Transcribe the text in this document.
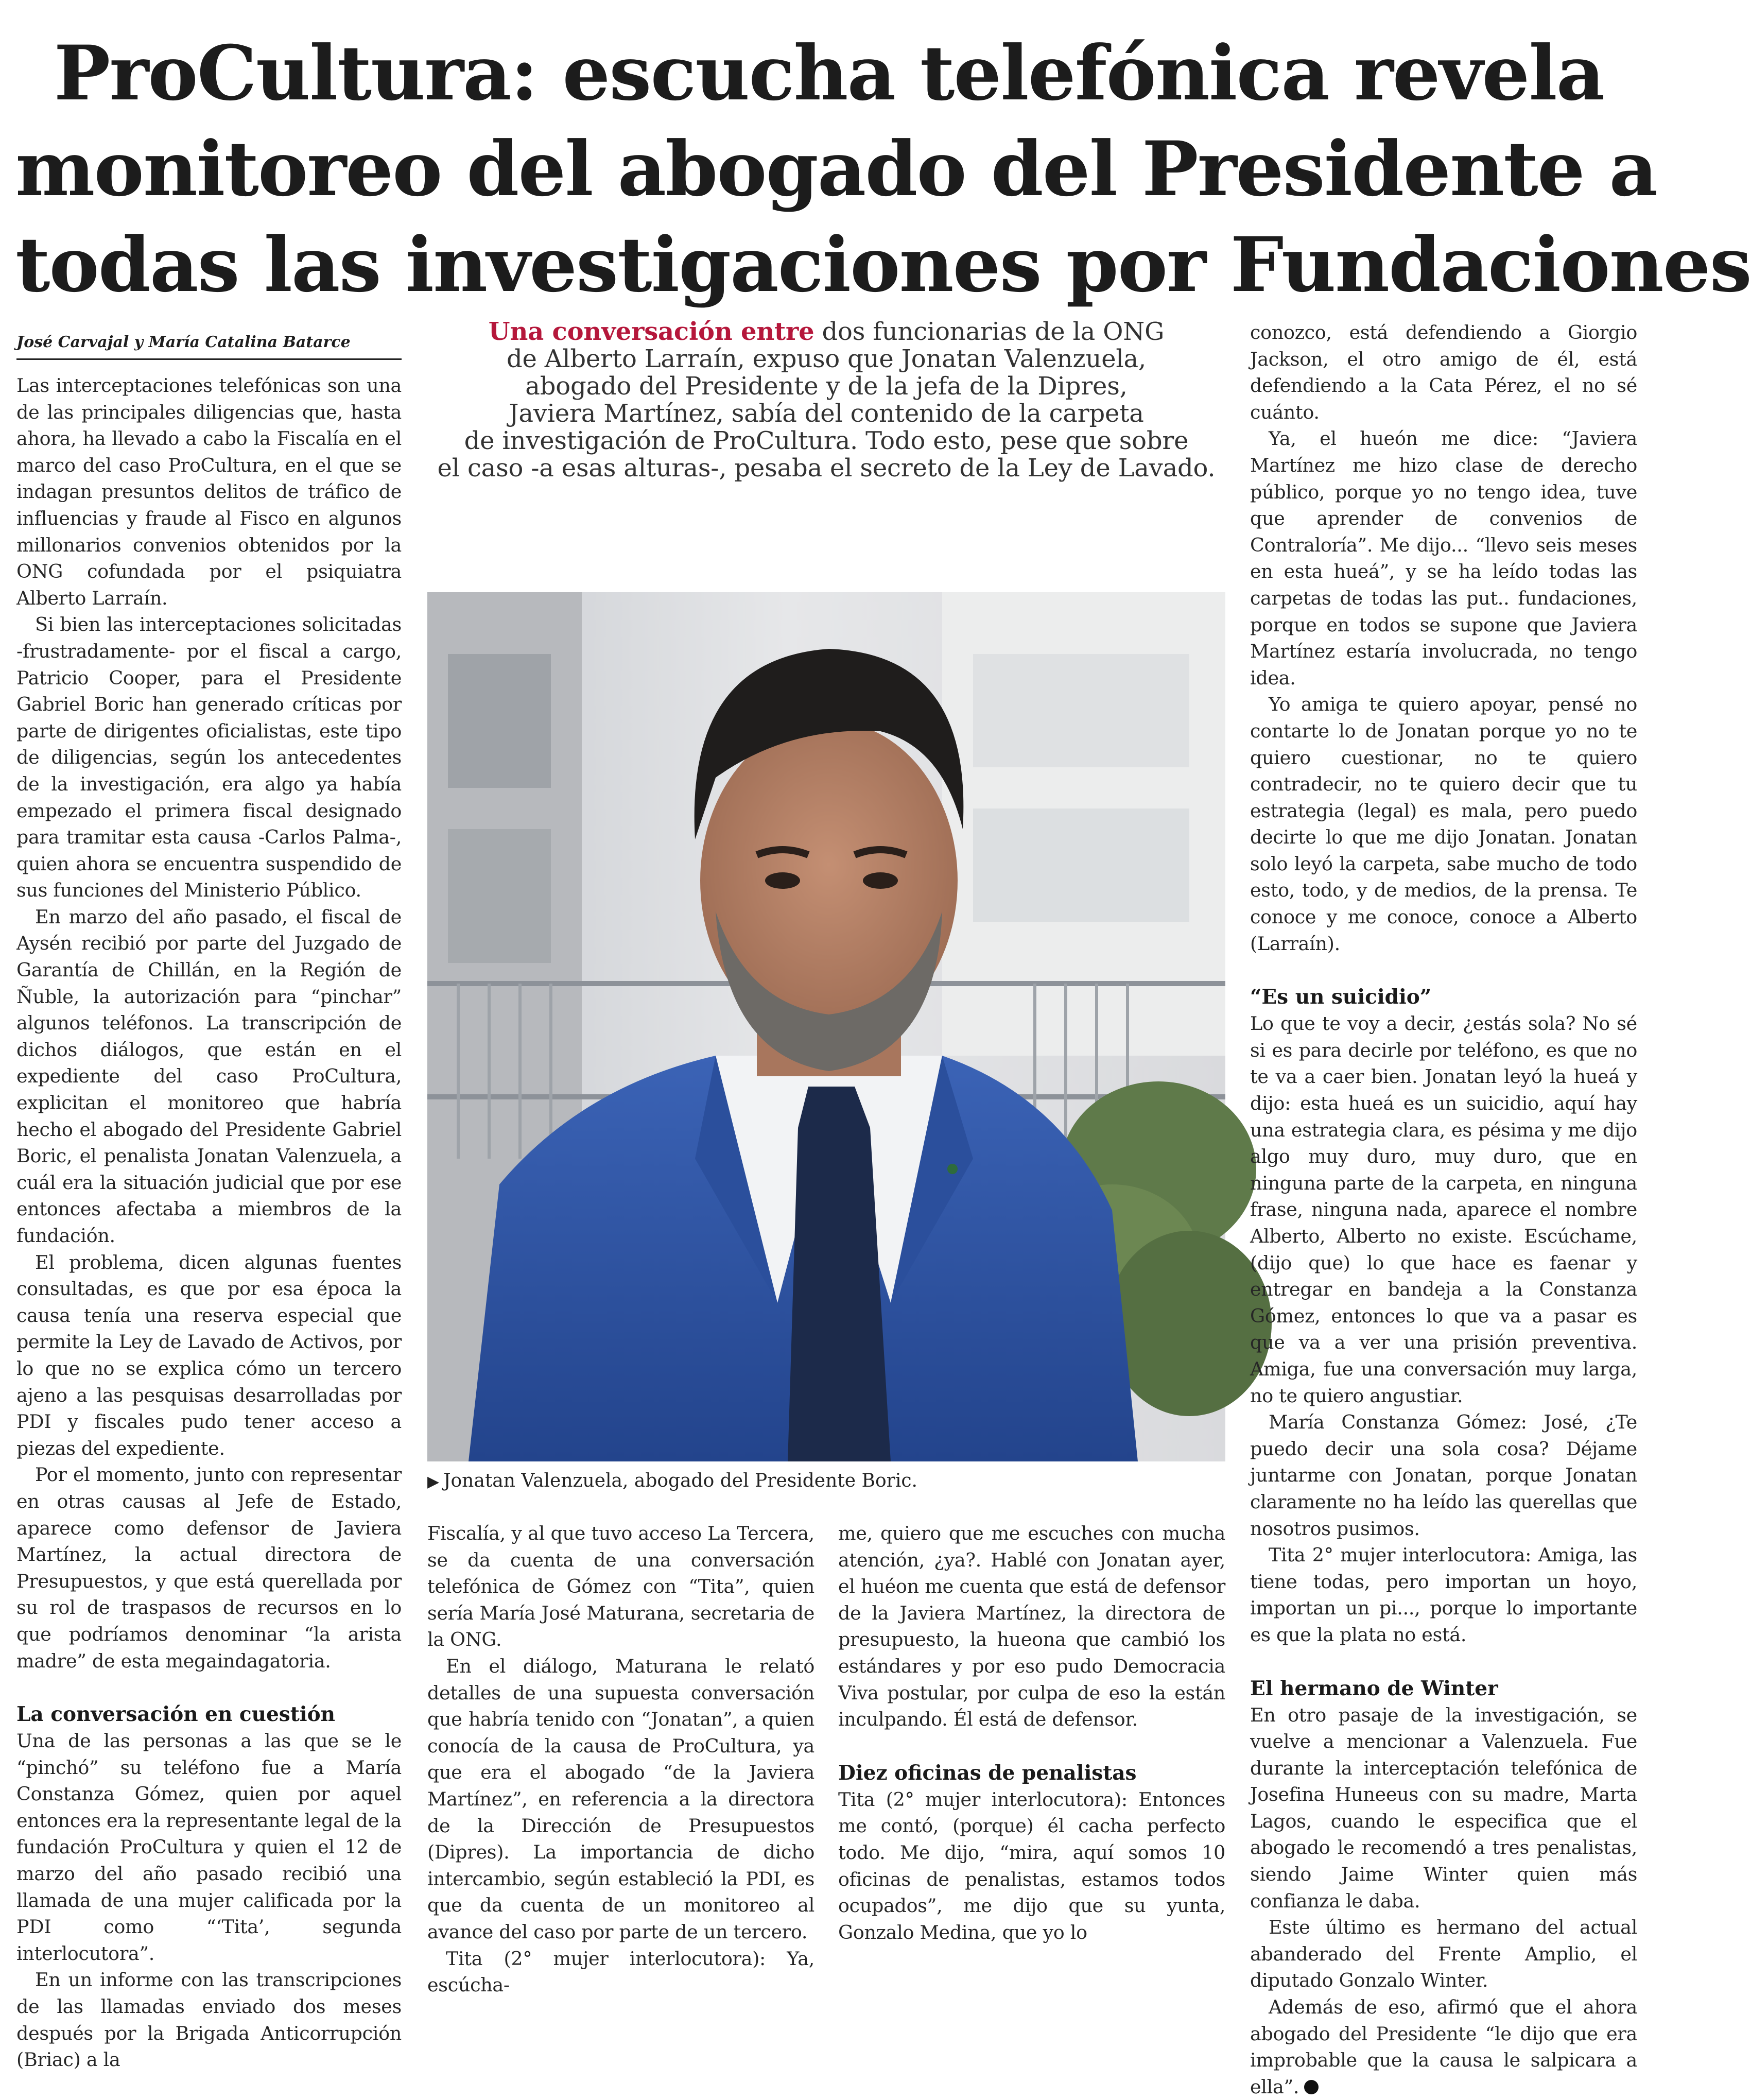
ProCultura: escucha telefónica revela
monitoreo del abogado del Presidente a
todas las investigaciones por Fundaciones
José Carvajal y María Catalina Batarce

Las interceptaciones telefónicas son una de las principales diligencias que, hasta ahora, ha llevado a cabo la Fiscalía en el marco del caso ProCultura, en el que se indagan presuntos delitos de tráfico de influencias y fraude al Fisco en algunos millonarios convenios obtenidos por la ONG cofundada por el psiquiatra Alberto Larraín.

Si bien las interceptaciones solicitadas -frustradamente- por el fiscal a cargo, Patricio Cooper, para el Presidente Gabriel Boric han generado críticas por parte de dirigentes oficialistas, este tipo de diligencias, según los antecedentes de la investigación, era algo ya había empezado el primera fiscal designado para tramitar esta causa -Carlos Palma-, quien ahora se encuentra suspendido de sus funciones del Ministerio Público.

En marzo del año pasado, el fiscal de Aysén recibió por parte del Juzgado de Garantía de Chillán, en la Región de Ñuble, la autorización para “pinchar” algunos teléfonos. La transcripción de dichos diálogos, que están en el expediente del caso ProCultura, explicitan el monitoreo que habría hecho el abogado del Presidente Gabriel Boric, el penalista Jonatan Valenzuela, a cuál era la situación judicial que por ese entonces afectaba a miembros de la fundación.

El problema, dicen algunas fuentes consultadas, es que por esa época la causa tenía una reserva especial que permite la Ley de Lavado de Activos, por lo que no se explica cómo un tercero ajeno a las pesquisas desarrolladas por PDI y fiscales pudo tener acceso a piezas del expediente.

Por el momento, junto con representar en otras causas al Jefe de Estado, aparece como defensor de Javiera Martínez, la actual directora de Presupuestos, y que está querellada por su rol de traspasos de recursos en lo que podríamos denominar “la arista madre” de esta megaindagatoria.

La conversación en cuestión

Una de las personas a las que se le “pinchó” su teléfono fue a María Constanza Gómez, quien por aquel entonces era la representante legal de la fundación ProCultura y quien el 12 de marzo del año pasado recibió una llamada de una mujer calificada por la PDI como “‘Tita’, segunda interlocutora”.

En un informe con las transcripciones de las llamadas enviado dos meses después por la Brigada Anticorrupción (Briac) a la

Una conversación entre dos funcionarias de la ONG
de Alberto Larraín, expuso que Jonatan Valenzuela,
abogado del Presidente y de la jefa de la Dipres,
Javiera Martínez, sabía del contenido de la carpeta
de investigación de ProCultura. Todo esto, pese que sobre
el caso -a esas alturas-, pesaba el secreto de la Ley de Lavado.
▶ Jonatan Valenzuela, abogado del Presidente Boric.

Fiscalía, y al que tuvo acceso La Tercera, se da cuenta de una conversación telefónica de Gómez con “Tita”, quien sería María José Maturana, secretaria de la ONG.

En el diálogo, Maturana le relató detalles de una supuesta conversación que habría tenido con “Jonatan”, a quien conocía de la causa de ProCultura, ya que era el abogado “de la Javiera Martínez”, en referencia a la directora de la Dirección de Presupuestos (Dipres). La importancia de dicho intercambio, según estableció la PDI, es que da cuenta de un monitoreo al avance del caso por parte de un tercero.

Tita (2° mujer interlocutora): Ya, escúcha-

me, quiero que me escuches con mucha atención, ¿ya?. Hablé con Jonatan ayer, el huéon me cuenta que está de defensor de la Javiera Martínez, la directora de presupuesto, la hueona que cambió los estándares y por eso pudo Democracia Viva postular, por culpa de eso la están inculpando. Él está de defensor.

Diez oficinas de penalistas

Tita (2° mujer interlocutora): Entonces me contó, (porque) él cacha perfecto todo. Me dijo, “mira, aquí somos 10 oficinas de penalistas, estamos todos ocupados”, me dijo que su yunta, Gonzalo Medina, que yo lo

conozco, está defendiendo a Giorgio Jackson, el otro amigo de él, está defendiendo a la Cata Pérez, el no sé cuánto.

Ya, el hueón me dice: “Javiera Martínez me hizo clase de derecho público, porque yo no tengo idea, tuve que aprender de convenios de Contraloría”. Me dijo... “llevo seis meses en esta hueá”, y se ha leído todas las carpetas de todas las put.. fundaciones, porque en todos se supone que Javiera Martínez estaría involucrada, no tengo idea.

Yo amiga te quiero apoyar, pensé no contarte lo de Jonatan porque yo no te quiero cuestionar, no te quiero contradecir, no te quiero decir que tu estrategia (legal) es mala, pero puedo decirte lo que me dijo Jonatan. Jonatan solo leyó la carpeta, sabe mucho de todo esto, todo, y de medios, de la prensa. Te conoce y me conoce, conoce a Alberto (Larraín).

“Es un suicidio”

Lo que te voy a decir, ¿estás sola? No sé si es para decirle por teléfono, es que no te va a caer bien. Jonatan leyó la hueá y dijo: esta hueá es un suicidio, aquí hay una estrategia clara, es pésima y me dijo algo muy duro, muy duro, que en ninguna parte de la carpeta, en ninguna frase, ninguna nada, aparece el nombre Alberto, Alberto no existe. Escúchame, (dijo que) lo que hace es faenar y entregar en bandeja a la Constanza Gómez, entonces lo que va a pasar es que va a ver una prisión preventiva. Amiga, fue una conversación muy larga, no te quiero angustiar.

María Constanza Gómez: José, ¿Te puedo decir una sola cosa? Déjame juntarme con Jonatan, porque Jonatan claramente no ha leído las querellas que nosotros pusimos.

Tita 2° mujer interlocutora: Amiga, las tiene todas, pero importan un hoyo, importan un pi..., porque lo importante es que la plata no está.

El hermano de Winter

En otro pasaje de la investigación, se vuelve a mencionar a Valenzuela. Fue durante la interceptación telefónica de Josefina Huneeus con su madre, Marta Lagos, cuando le especifica que el abogado le recomendó a tres penalistas, siendo Jaime Winter quien más confianza le daba.

Este último es hermano del actual abanderado del Frente Amplio, el diputado Gonzalo Winter.

Además de eso, afirmó que el ahora abogado del Presidente “le dijo que era improbable que la causa le salpicara a ella”.
